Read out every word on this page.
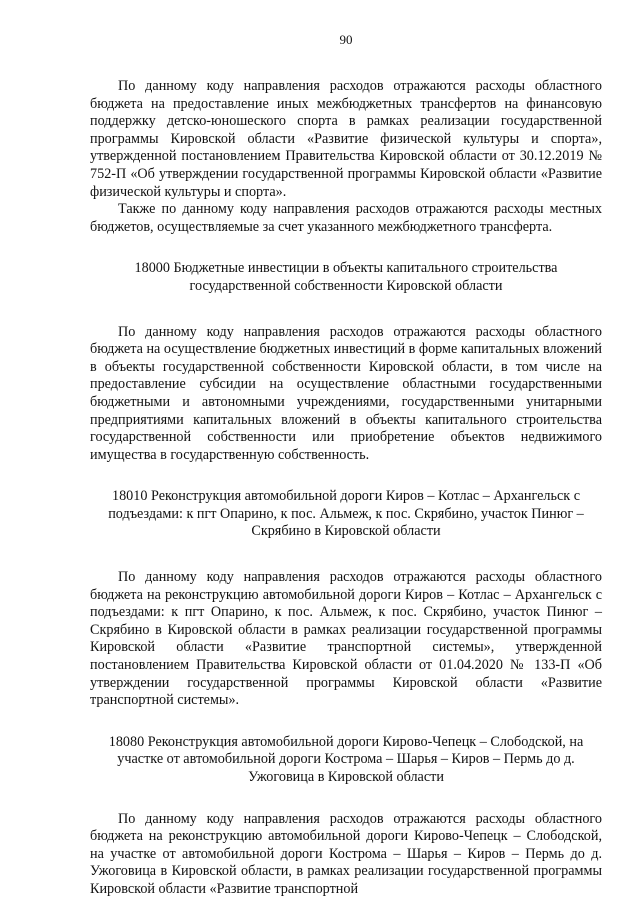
90

По данному коду направления расходов отражаются расходы областного бюджета на предоставление иных межбюджетных трансфертов на финансовую поддержку детско-юношеского спорта в рамках реализации государственной программы Кировской области «Развитие физической культуры и спорта», утвержденной постановлением Правительства Кировской области от 30.12.2019 № 752-П «Об утверждении государственной программы Кировской области «Развитие физической культуры и спорта».

Также по данному коду направления расходов отражаются расходы местных бюджетов, осуществляемые за счет указанного межбюджетного трансферта.

18000 Бюджетные инвестиции в объекты капитального строительства
государственной собственности Кировской области

По данному коду направления расходов отражаются расходы областного бюджета на осуществление бюджетных инвестиций в форме капитальных вложений в объекты государственной собственности Кировской области, в том числе на предоставление субсидии на осуществление областными государственными бюджетными и автономными учреждениями, государственными унитарными предприятиями капитальных вложений в объекты капитального строительства государственной собственности или приобретение объектов недвижимого имущества в государственную собственность.

18010 Реконструкция автомобильной дороги Киров – Котлас – Архангельск с
подъездами: к пгт Опарино, к пос. Альмеж, к пос. Скрябино, участок Пинюг –
Скрябино в Кировской области

По данному коду направления расходов отражаются расходы областного бюджета на реконструкцию автомобильной дороги Киров – Котлас – Архангельск с подъездами: к пгт Опарино, к пос. Альмеж, к пос. Скрябино, участок Пинюг – Скрябино в Кировской области в рамках реализации государственной программы Кировской области «Развитие транспортной системы», утвержденной постановлением Правительства Кировской области от 01.04.2020 № 133-П «Об утверждении государственной программы Кировской области «Развитие транспортной системы».

18080 Реконструкция автомобильной дороги Кирово-Чепецк – Слободской, на
участке от автомобильной дороги Кострома – Шарья – Киров – Пермь до д.
Ужоговица в Кировской области

По данному коду направления расходов отражаются расходы областного бюджета на реконструкцию автомобильной дороги Кирово-Чепецк – Слободской, на участке от автомобильной дороги Кострома – Шарья – Киров – Пермь до д. Ужоговица в Кировской области, в рамках реализации государственной программы Кировской области «Развитие транспортной
